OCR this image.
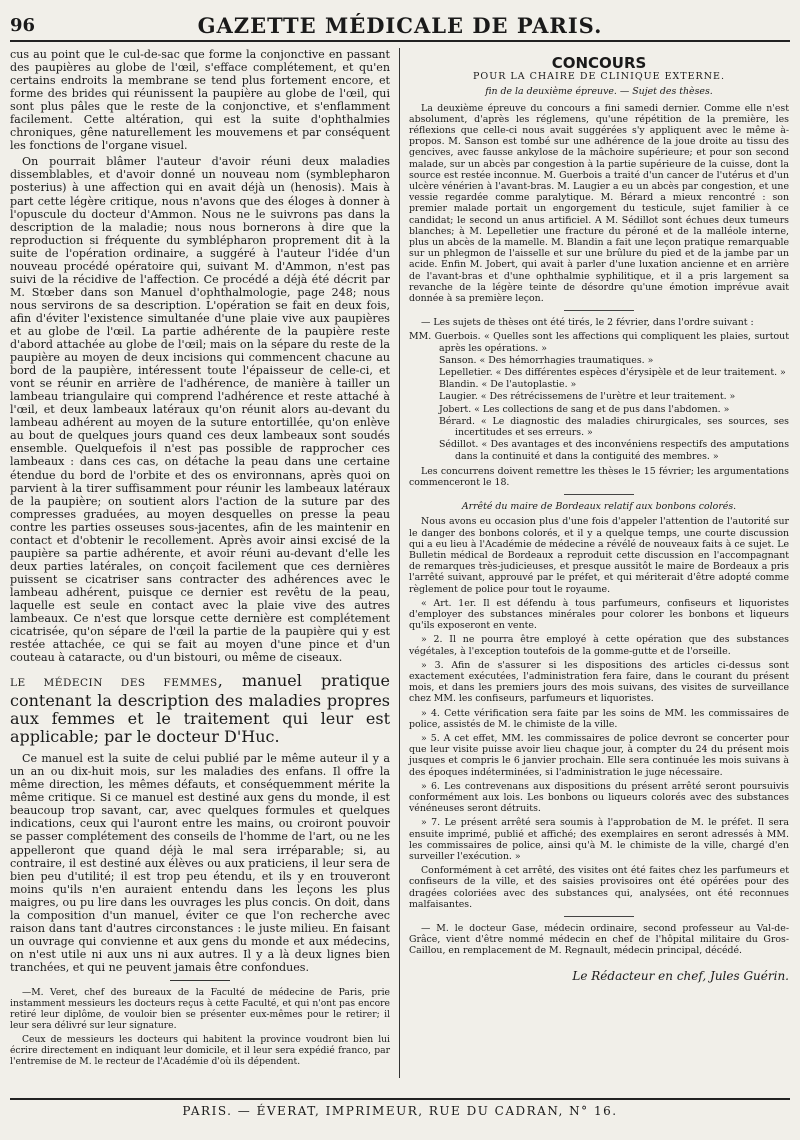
96	GAZETTE MÉDICALE DE PARIS.

cus au point que le cul-de-sac que forme la conjonctive en passant des paupières au globe de l'œil, s'efface complétement, et qu'en certains endroits la membrane se tend plus fortement encore, et forme des brides qui réunissent la paupière au globe de l'œil, qui sont plus pâles que le reste de la conjonctive, et s'enflamment facilement. Cette altération, qui est la suite d'ophthalmies chroniques, gêne naturellement les mouvemens et par conséquent les fonctions de l'organe visuel.

On pourrait blâmer l'auteur d'avoir réuni deux maladies dissemblables, et d'avoir donné un nouveau nom (symblepharon posterius) à une affection qui en avait déjà un (henosis). Mais à part cette légère critique, nous n'avons que des éloges à donner à l'opuscule du docteur d'Ammon. Nous ne le suivrons pas dans la description de la maladie; nous nous bornerons à dire que la reproduction si fréquente du symblépharon proprement dit à la suite de l'opération ordinaire, a suggéré à l'auteur l'idée d'un nouveau procédé opératoire qui, suivant M. d'Ammon, n'est pas suivi de la récidive de l'affection. Ce procédé a déjà été décrit par M. Stœber dans son Manuel d'ophthalmologie, page 248; nous nous servirons de sa description. L'opération se fait en deux fois, afin d'éviter l'existence simultanée d'une plaie vive aux paupières et au globe de l'œil. La partie adhérente de la paupière reste d'abord attachée au globe de l'œil; mais on la sépare du reste de la paupière au moyen de deux incisions qui commencent chacune au bord de la paupière, intéressent toute l'épaisseur de celle-ci, et vont se réunir en arrière de l'adhérence, de manière à tailler un lambeau triangulaire qui comprend l'adhérence et reste attaché à l'œil, et deux lambeaux latéraux qu'on réunit alors au-devant du lambeau adhérent au moyen de la suture entortillée, qu'on enlève au bout de quelques jours quand ces deux lambeaux sont soudés ensemble. Quelquefois il n'est pas possible de rapprocher ces lambeaux : dans ces cas, on détache la peau dans une certaine étendue du bord de l'orbite et des os environnans, après quoi on parvient à la tirer suffisamment pour réunir les lambeaux latéraux de la paupière; on soutient alors l'action de la suture par des compresses graduées, au moyen desquelles on presse la peau contre les parties osseuses sous-jacentes, afin de les maintenir en contact et d'obtenir le recollement. Après avoir ainsi excisé de la paupière sa partie adhérente, et avoir réuni au-devant d'elle les deux parties latérales, on conçoit facilement que ces dernières puissent se cicatriser sans contracter des adhérences avec le lambeau adhérent, puisque ce dernier est revêtu de la peau, laquelle est seule en contact avec la plaie vive des autres lambeaux. Ce n'est que lorsque cette dernière est complétement cicatrisée, qu'on sépare de l'œil la partie de la paupière qui y est restée attachée, ce qui se fait au moyen d'une pince et d'un couteau à cataracte, ou d'un bistouri, ou même de ciseaux.

LE MÉDECIN DES FEMMES, manuel pratique contenant la description des maladies propres aux femmes et le traitement qui leur est applicable; par le docteur D'Huc.

Ce manuel est la suite de celui publié par le même auteur il y a un an ou dix-huit mois, sur les maladies des enfans. Il offre la même direction, les mêmes défauts, et conséquemment mérite la même critique. Si ce manuel est destiné aux gens du monde, il est beaucoup trop savant, car, avec quelques formules et quelques indications, ceux qui l'auront entre les mains, ou croiront pouvoir se passer complétement des conseils de l'homme de l'art, ou ne les appelleront que quand déjà le mal sera irréparable; si, au contraire, il est destiné aux élèves ou aux praticiens, il leur sera de bien peu d'utilité; il est trop peu étendu, et ils y en trouveront moins qu'ils n'en auraient entendu dans les leçons les plus maigres, ou pu lire dans les ouvrages les plus concis. On doit, dans la composition d'un manuel, éviter ce que l'on recherche avec raison dans tant d'autres circonstances : le juste milieu. En faisant un ouvrage qui convienne et aux gens du monde et aux médecins, on n'est utile ni aux uns ni aux autres. Il y a là deux lignes bien tranchées, et qui ne peuvent jamais être confondues.

—M. Veret, chef des bureaux de la Faculté de médecine de Paris, prie instamment messieurs les docteurs reçus à cette Faculté, et qui n'ont pas encore retiré leur diplôme, de vouloir bien se présenter eux-mêmes pour le retirer; il leur sera délivré sur leur signature.

Ceux de messieurs les docteurs qui habitent la province voudront bien lui écrire directement en indiquant leur domicile, et il leur sera expédié franco, par l'entremise de M. le recteur de l'Académie d'où ils dépendent.

CONCOURS
POUR LA CHAIRE DE CLINIQUE EXTERNE.
fin de la deuxième épreuve. — Sujet des thèses.

La deuxième épreuve du concours a fini samedi dernier. Comme elle n'est absolument, d'après les réglemens, qu'une répétition de la première, les réflexions que celle-ci nous avait suggérées s'y appliquent avec le même à-propos. M. Sanson est tombé sur une adhérence de la joue droite au tissu des gencives, avec fausse ankylose de la mâchoire supérieure; et pour son second malade, sur un abcès par congestion à la partie supérieure de la cuisse, dont la source est restée inconnue. M. Guerbois a traité d'un cancer de l'utérus et d'un ulcère vénérien à l'avant-bras. M. Laugier a eu un abcès par congestion, et une vessie regardée comme paralytique. M. Bérard a mieux rencontré : son premier malade portait un engorgement du testicule, sujet familier à ce candidat; le second un anus artificiel. A M. Sédillot sont échues deux tumeurs blanches; à M. Lepelletier une fracture du péroné et de la malléole interne, plus un abcès de la mamelle. M. Blandin a fait une leçon pratique remarquable sur un phlegmon de l'aisselle et sur une brûlure du pied et de la jambe par un acide. Enfin M. Jobert, qui avait à parler d'une luxation ancienne et en arrière de l'avant-bras et d'une ophthalmie syphilitique, et il a pris largement sa revanche de la légère teinte de désordre qu'une émotion imprévue avait donnée à sa première leçon.

— Les sujets de thèses ont été tirés, le 2 février, dans l'ordre suivant :

MM. Guerbois. « Quelles sont les affections qui compliquent les plaies, surtout après les opérations. »
Sanson. « Des hémorrhagies traumatiques. »
Lepelletier. « Des différentes espèces d'érysipèle et de leur traitement. »
Blandin. « De l'autoplastie. »
Laugier. « Des rétrécissemens de l'urètre et leur traitement. »
Jobert. « Les collections de sang et de pus dans l'abdomen. »
Bérard. « Le diagnostic des maladies chirurgicales, ses sources, ses incertitudes et ses erreurs. »
Sédillot. « Des avantages et des inconvéniens respectifs des amputations dans la continuité et dans la contiguité des membres. »

Les concurrens doivent remettre les thèses le 15 février; les argumentations commenceront le 18.

Arrêté du maire de Bordeaux relatif aux bonbons colorés.

Nous avons eu occasion plus d'une fois d'appeler l'attention de l'autorité sur le danger des bonbons colorés, et il y a quelque temps, une courte discussion qui a eu lieu à l'Académie de médecine a révélé de nouveaux faits à ce sujet. Le Bulletin médical de Bordeaux a reproduit cette discussion en l'accompagnant de remarques très-judicieuses, et presque aussitôt le maire de Bordeaux a pris l'arrêté suivant, approuvé par le préfet, et qui mériterait d'être adopté comme règlement de police pour tout le royaume.

« Art. 1er. Il est défendu à tous parfumeurs, confiseurs et liquoristes d'employer des substances minérales pour colorer les bonbons et liqueurs qu'ils exposeront en vente.

» 2. Il ne pourra être employé à cette opération que des substances végétales, à l'exception toutefois de la gomme-gutte et de l'orseille.

» 3. Afin de s'assurer si les dispositions des articles ci-dessus sont exactement exécutées, l'administration fera faire, dans le courant du présent mois, et dans les premiers jours des mois suivans, des visites de surveillance chez MM. les confiseurs, parfumeurs et liquoristes.

» 4. Cette vérification sera faite par les soins de MM. les commissaires de police, assistés de M. le chimiste de la ville.

» 5. A cet effet, MM. les commissaires de police devront se concerter pour que leur visite puisse avoir lieu chaque jour, à compter du 24 du présent mois jusques et compris le 6 janvier prochain. Elle sera continuée les mois suivans à des époques indéterminées, si l'administration le juge nécessaire.

» 6. Les contrevenans aux dispositions du présent arrêté seront poursuivis conformément aux lois. Les bonbons ou liqueurs colorés avec des substances vénéneuses seront détruits.

» 7. Le présent arrêté sera soumis à l'approbation de M. le préfet. Il sera ensuite imprimé, publié et affiché; des exemplaires en seront adressés à MM. les commissaires de police, ainsi qu'à M. le chimiste de la ville, chargé d'en surveiller l'exécution. »

Conformément à cet arrêté, des visites ont été faites chez les parfumeurs et confiseurs de la ville, et des saisies provisoires ont été opérées pour des dragées coloriées avec des substances qui, analysées, ont été reconnues malfaisantes.

— M. le docteur Gase, médecin ordinaire, second professeur au Val-de-Grâce, vient d'être nommé médecin en chef de l'hôpital militaire du Gros-Caillou, en remplacement de M. Regnault, médecin principal, décédé.

Le Rédacteur en chef, Jules Guérin.
PARIS. — ÉVERAT, IMPRIMEUR, RUE DU CADRAN, N° 16.
